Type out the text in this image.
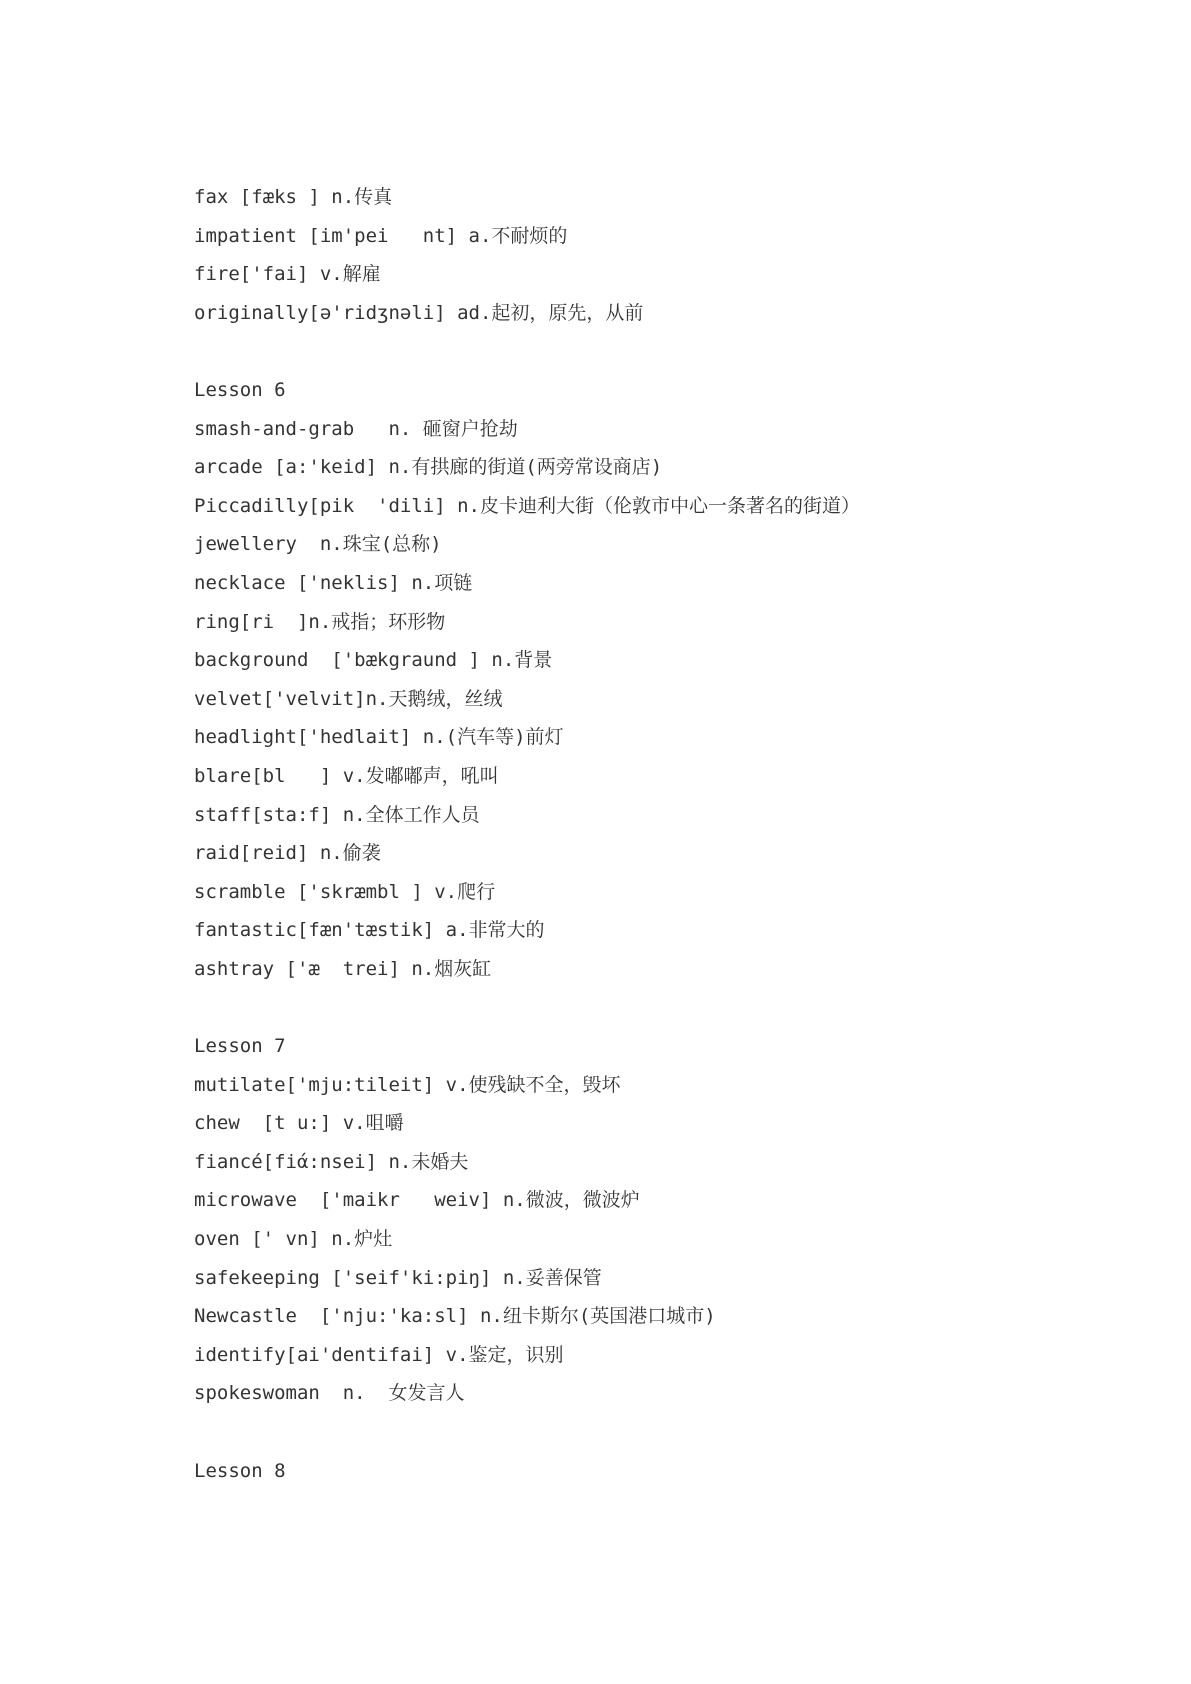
fax [fæks ] n.传真
impatient [im'pei   nt] a.不耐烦的
fire['fai] v.解雇
originally[ə'ridʒnəli] ad.起初，原先，从前
Lesson 6
smash-and-grab   n. 砸窗户抢劫
arcade [a:'keid] n.有拱廊的街道(两旁常设商店)
Piccadilly[pik  'dili] n.皮卡迪利大街（伦敦市中心一条著名的街道）
jewellery  n.珠宝(总称)
necklace ['neklis] n.项链
ring[ri  ]n.戒指；环形物
background  ['bækgraund ] n.背景
velvet['velvit]n.天鹅绒，丝绒
headlight['hedlait] n.(汽车等)前灯
blare[bl   ] v.发嘟嘟声，吼叫
staff[sta:f] n.全体工作人员
raid[reid] n.偷袭
scramble ['skræmbl ] v.爬行
fantastic[fæn'tæstik] a.非常大的
ashtray ['æ  trei] n.烟灰缸
Lesson 7
mutilate['mju:tileit] v.使残缺不全，毁坏
chew  [t u:] v.咀嚼
fiancé[fiά:nsei] n.未婚夫
microwave  ['maikr   weiv] n.微波，微波炉
oven [' vn] n.炉灶
safekeeping ['seif'ki:piŋ] n.妥善保管
Newcastle  ['nju:'ka:sl] n.纽卡斯尔(英国港口城市)
identify[ai'dentifai] v.鉴定，识别
spokeswoman  n.  女发言人
Lesson 8
